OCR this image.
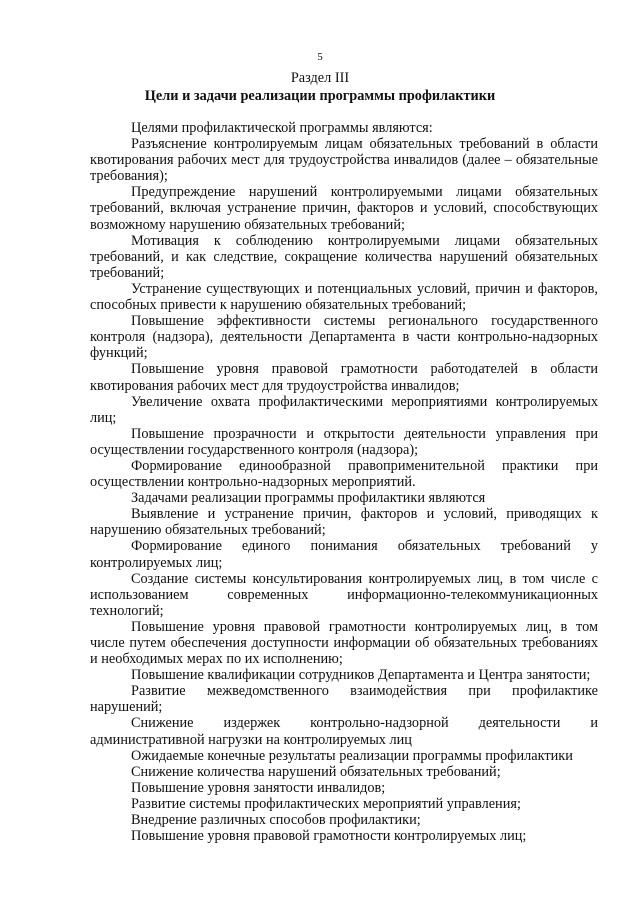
5
Раздел III
Цели и задачи реализации программы профилактики

Целями профилактической программы являются:

Разъяснение контролируемым лицам обязательных требований в области квотирования рабочих мест для трудоустройства инвалидов (далее – обязательные требования);

Предупреждение нарушений контролируемыми лицами обязательных требований, включая устранение причин, факторов и условий, способствующих возможному нарушению обязательных требований;

Мотивация к соблюдению контролируемыми лицами обязательных требований, и как следствие, сокращение количества нарушений обязательных требований;

Устранение существующих и потенциальных условий, причин и факторов, способных привести к нарушению обязательных требований;

Повышение эффективности системы регионального государственного контроля (надзора), деятельности Департамента в части контрольно-надзорных функций;

Повышение уровня правовой грамотности работодателей в области квотирования рабочих мест для трудоустройства инвалидов;

Увеличение охвата профилактическими мероприятиями контролируемых лиц;

Повышение прозрачности и открытости деятельности управления при осуществлении государственного контроля (надзора);

Формирование единообразной правоприменительной практики при осуществлении контрольно-надзорных мероприятий.

Задачами реализации программы профилактики являются

Выявление и устранение причин, факторов и условий, приводящих к нарушению обязательных требований;

Формирование единого понимания обязательных требований у контролируемых лиц;

Создание системы консультирования контролируемых лиц, в том числе с использованием современных информационно-телекоммуникационных технологий;

Повышение уровня правовой грамотности контролируемых лиц, в том числе путем обеспечения доступности информации об обязательных требованиях и необходимых мерах по их исполнению;

Повышение квалификации сотрудников Департамента и Центра занятости;

Развитие межведомственного взаимодействия при профилактике нарушений;

Снижение издержек контрольно-надзорной деятельности и административной нагрузки на контролируемых лиц

Ожидаемые конечные результаты реализации программы профилактики

Снижение количества нарушений обязательных требований;

Повышение уровня занятости инвалидов;

Развитие системы профилактических мероприятий управления;

Внедрение различных способов профилактики;

Повышение уровня правовой грамотности контролируемых лиц;
